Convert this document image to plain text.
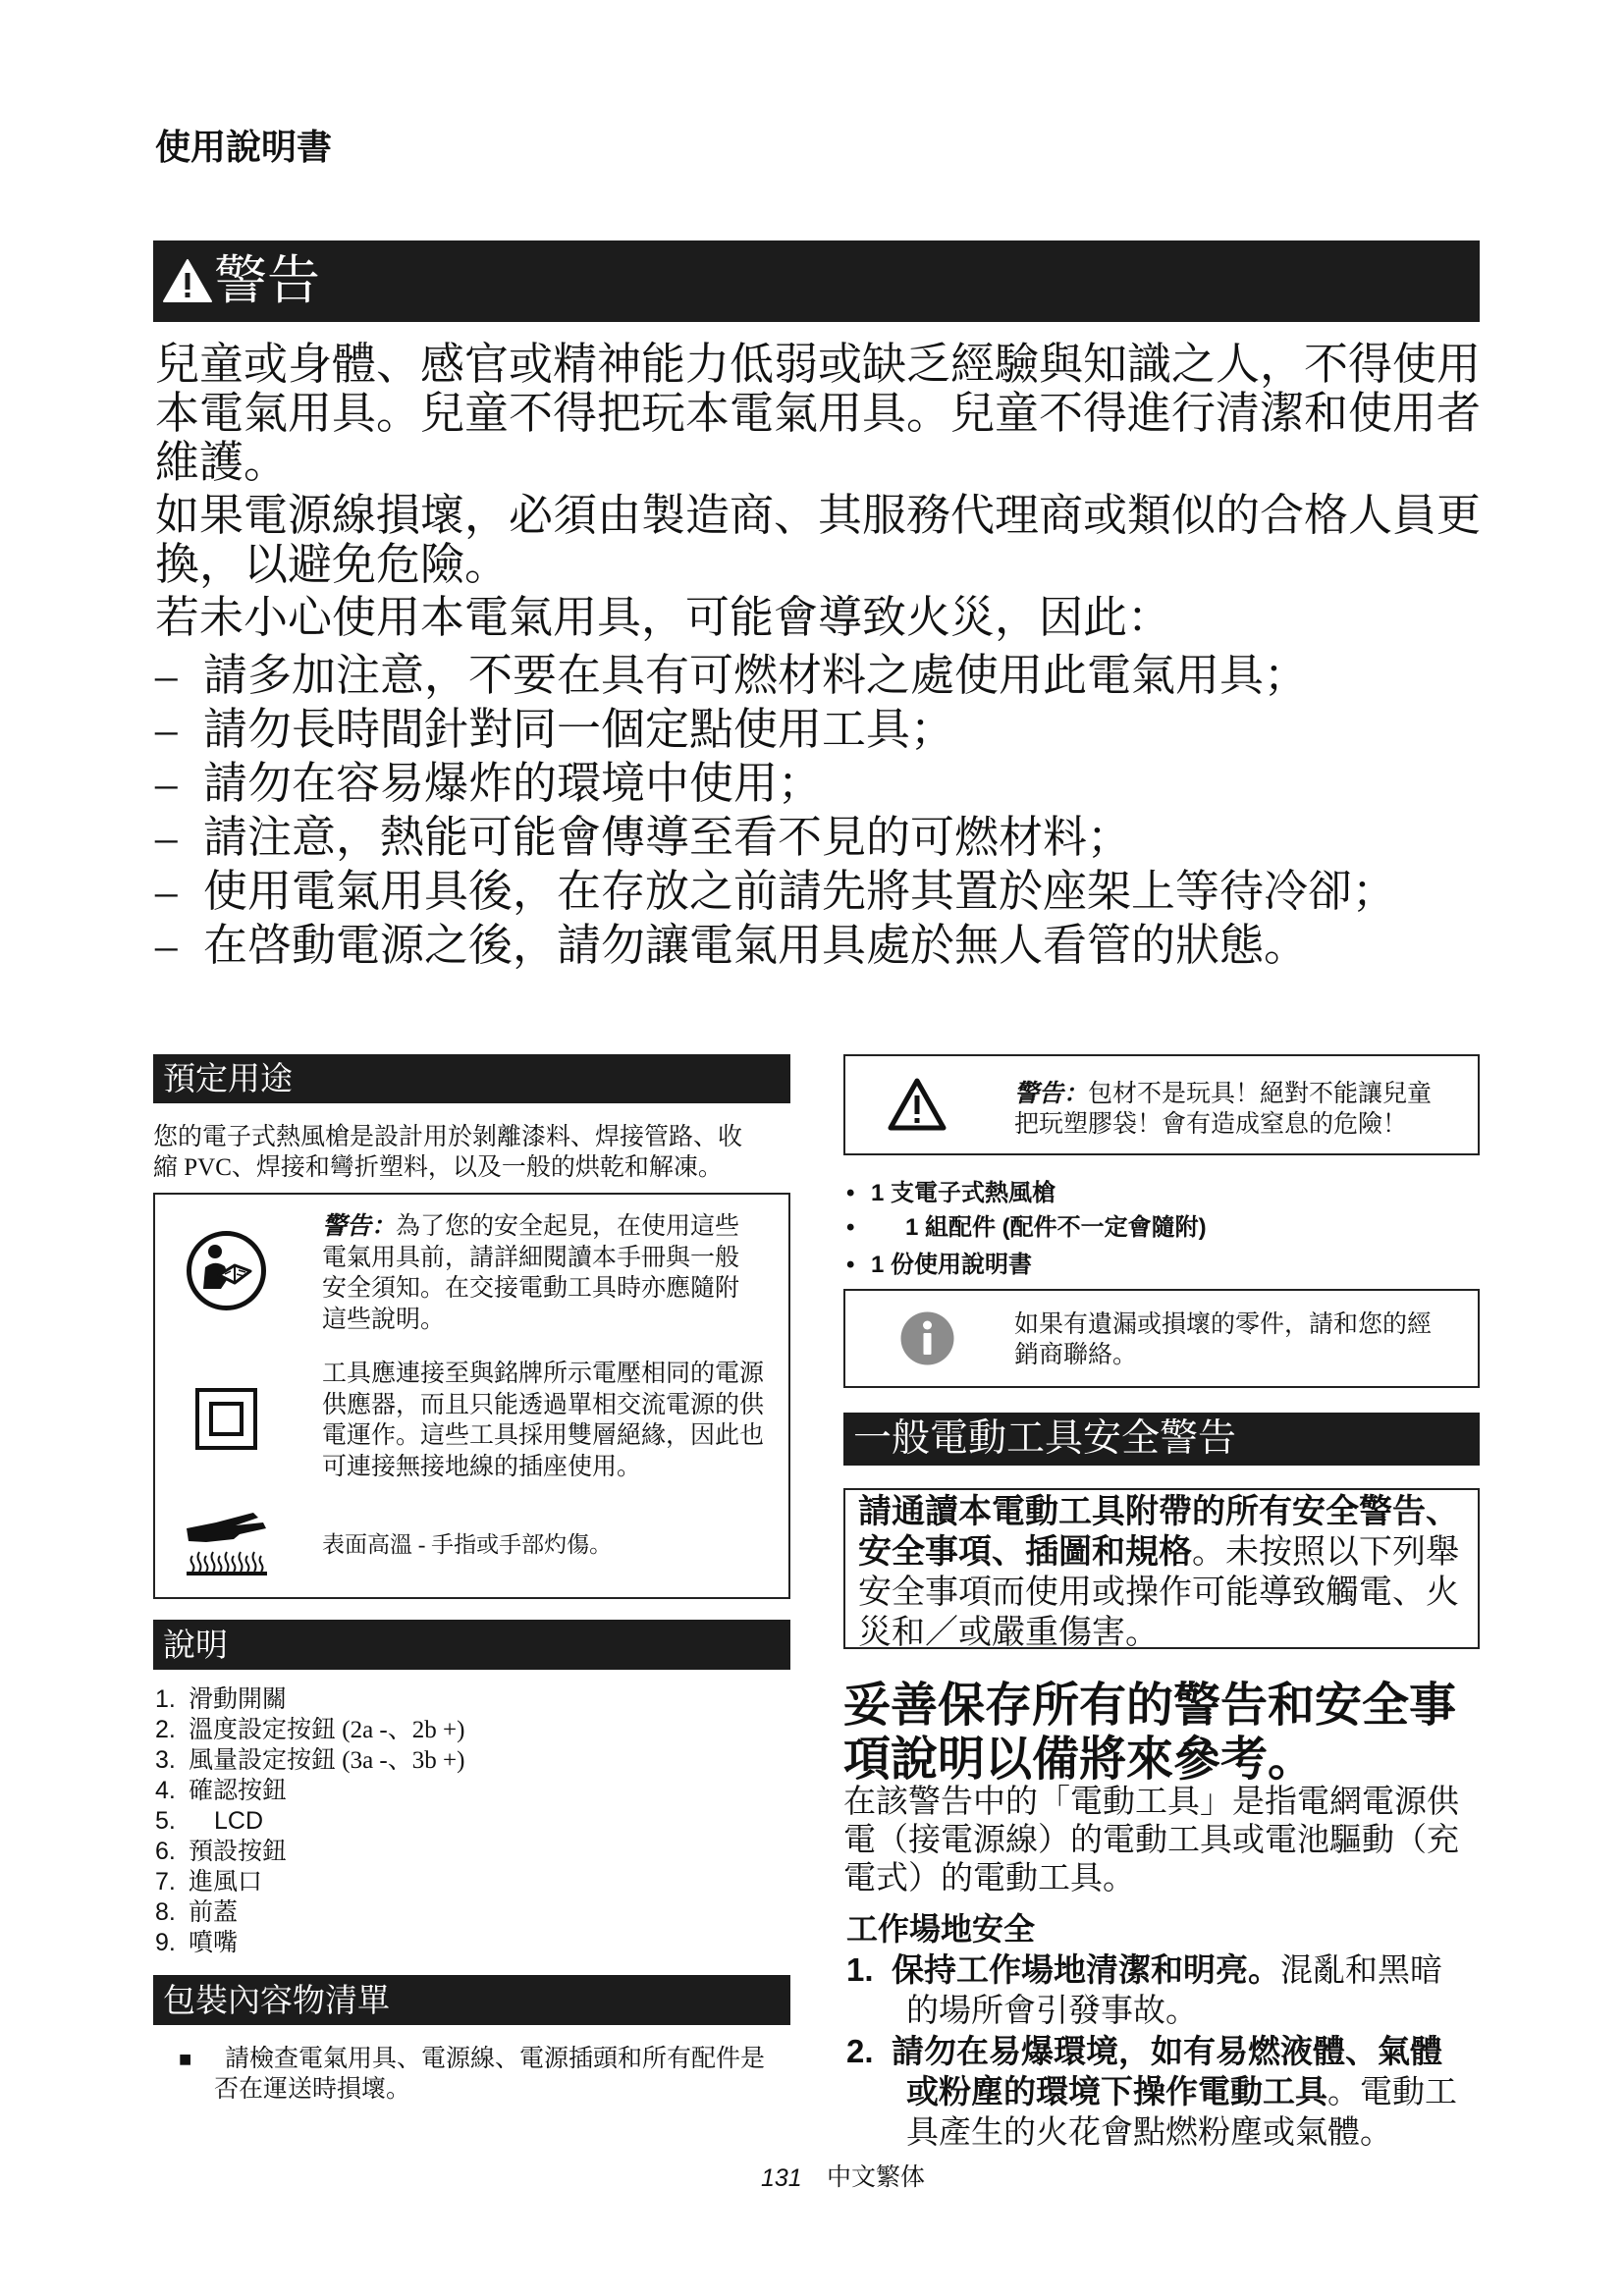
使用說明書
警告
兒童或身體、感官或精神能力低弱或缺乏經驗與知識之人，不得使用
本電氣用具。兒童不得把玩本電氣用具。兒童不得進行清潔和使用者
維護。
如果電源線損壞，必須由製造商、其服務代理商或類似的合格人員更
換，以避免危險。
若未小心使用本電氣用具，可能會導致火災，因此：
– 請多加注意，不要在具有可燃材料之處使用此電氣用具；
– 請勿長時間針對同一個定點使用工具；
– 請勿在容易爆炸的環境中使用；
– 請注意，熱能可能會傳導至看不見的可燃材料；
– 使用電氣用具後，在存放之前請先將其置於座架上等待冷卻；
– 在啓動電源之後，請勿讓電氣用具處於無人看管的狀態。
預定用途
您的電子式熱風槍是設計用於剝離漆料、焊接管路、收
縮 PVC、焊接和彎折塑料，以及一般的烘乾和解凍。
警告：為了您的安全起見，在使用這些
電氣用具前，請詳細閱讀本手冊與一般
安全須知。在交接電動工具時亦應隨附
這些說明。
工具應連接至與銘牌所示電壓相同的電源
供應器，而且只能透過單相交流電源的供
電運作。這些工具採用雙層絕緣，因此也
可連接無接地線的插座使用。
表面高溫 - 手指或手部灼傷。
說明
1. 滑動開關
2. 溫度設定按鈕 (2a -、2b +)
3. 風量設定按鈕 (3a -、3b +)
4. 確認按鈕
5. LCD
6. 預設按鈕
7. 進風口
8. 前蓋
9. 噴嘴
包裝內容物清單
■ 請檢查電氣用具、電源線、電源插頭和所有配件是
否在運送時損壞。
警告：包材不是玩具！絕對不能讓兒童
把玩塑膠袋！會有造成窒息的危險！
• 1 支電子式熱風槍
• 1 組配件 (配件不一定會隨附)
• 1 份使用說明書
如果有遺漏或損壞的零件，請和您的經
銷商聯絡。
一般電動工具安全警告
請通讀本電動工具附帶的所有安全警告、
安全事項、插圖和規格。未按照以下列舉
安全事項而使用或操作可能導致觸電、火
災和／或嚴重傷害。
妥善保存所有的警告和安全事
項說明以備將來參考。
在該警告中的「電動工具」是指電網電源供
電（接電源線）的電動工具或電池驅動（充
電式）的電動工具。
工作場地安全
1. 保持工作場地清潔和明亮。混亂和黑暗
的場所會引發事故。
2. 請勿在易爆環境，如有易燃液體、氣體
或粉塵的環境下操作電動工具。電動工
具產生的火花會點燃粉塵或氣體。
131 中文繁体
